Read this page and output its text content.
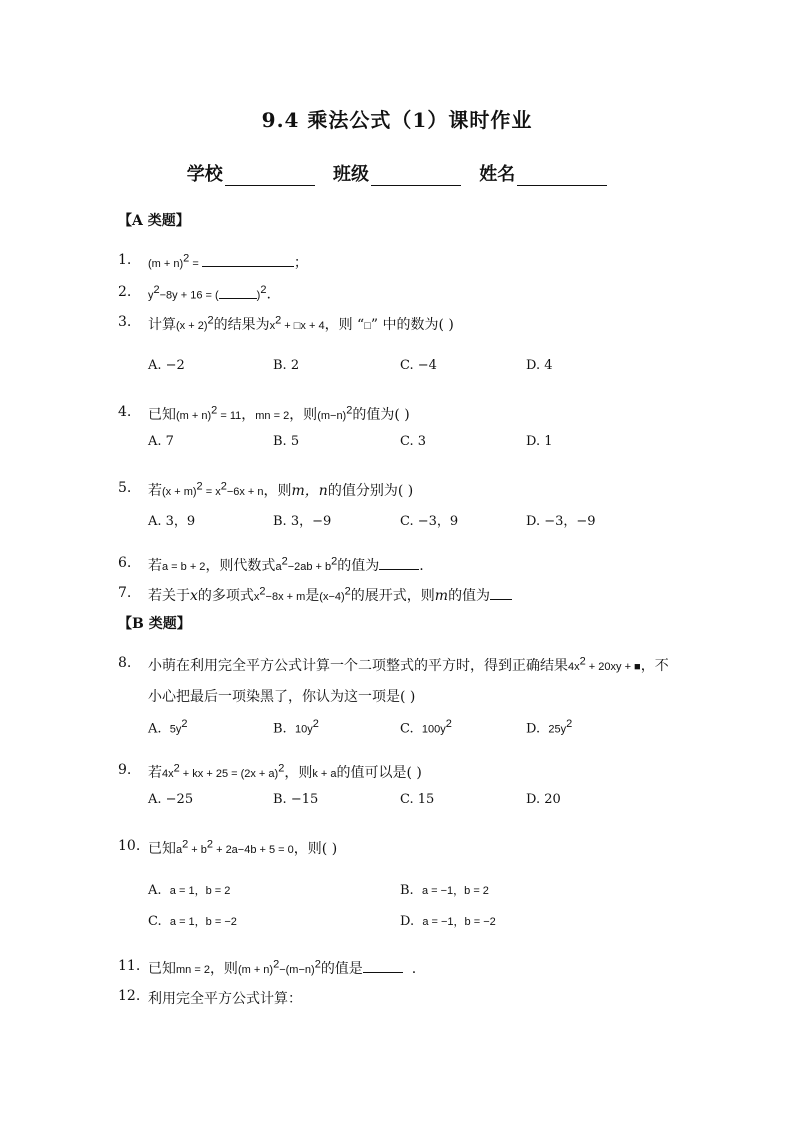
9.4 乘法公式（1）课时作业
学校	班级	姓名
【A 类题】
1. $(m + n)^2$ =	；
2. $y^2-8y + 16$ = (	)$^2$.
3. 计算$(x + 2)^2$的结果为$x^2$ + □x + 4，则 “□” 中的数为( )
A. −2	B. 2	C. −4	D. 4
4. 已知$(m + n)^2 = 11$，mn = 2，则$(m-n)^2$的值为( )
A. 7	B. 5	C. 3	D. 1
5. 若$(x + m)^2 = x^2-6x + n$，则m，n的值分别为( )
A. 3，9	B. 3，−9	C. −3，9	D. −3，−9
6. 若a = b + 2，则代数式$a^2-2ab + b^2$的值为	.
7. 若关于x的多项式$x^2-8x + m$是$(x-4)^2$的展开式，则m的值为
【B 类题】
8. 小萌在利用完全平方公式计算一个二项整式的平方时，得到正确结果$4x^2 + 20xy$ + ■，不
小心把最后一项染黑了，你认为这一项是( )
A. $5y^2$	B. $10y^2$	C. $100y^2$	D. $25y^2$
9. 若$4x^2$ + kx + $25 = (2x + a)^2$，则k + a的值可以是( )
A. −25	B. −15	C. 15	D. 20
10. 已知$a^2 + b^2 + 2a-4b + 5 = 0$，则( )
A. a = 1，b = 2	B. a = −1，b = 2
C. a = 1，b = −2	D. a = −1，b = −2
11. 已知mn = 2，则$(m + n)^2-(m-n)^2$的值是	.
12. 利用完全平方公式计算：
